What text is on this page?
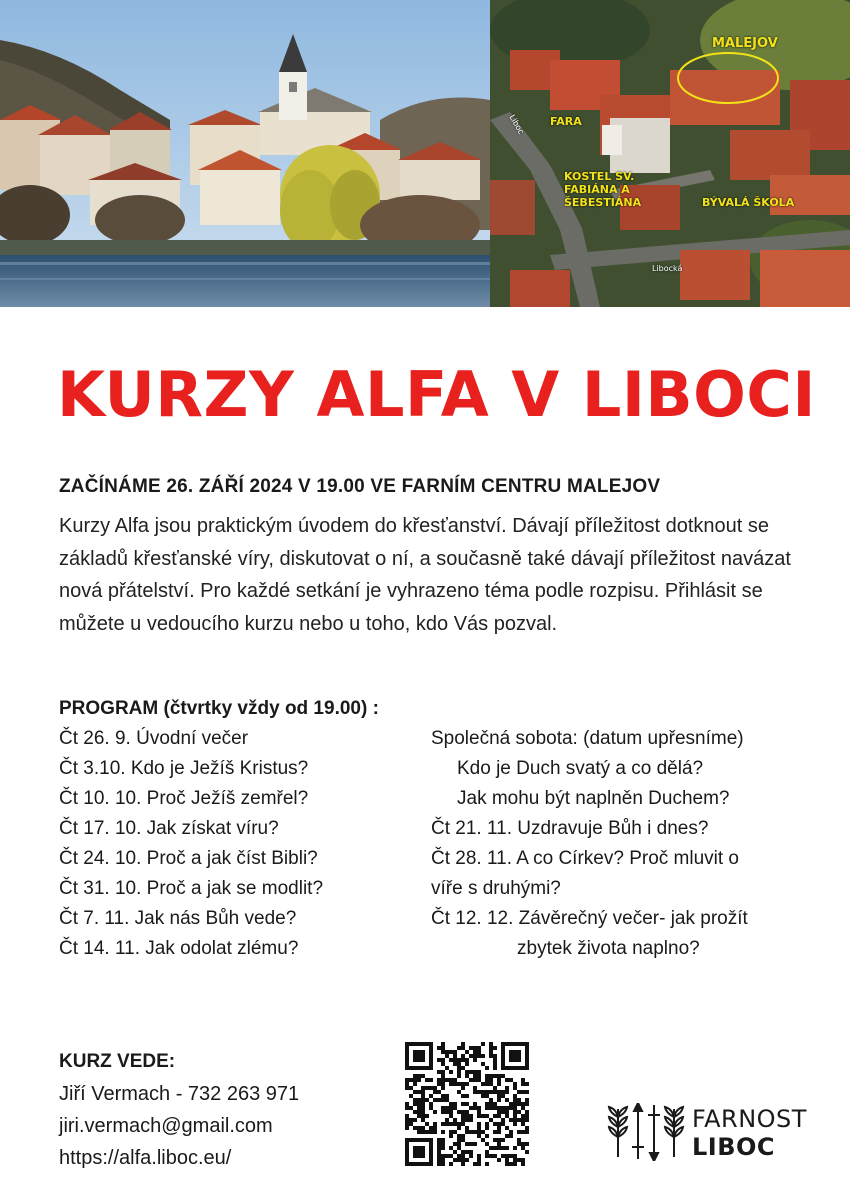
MALEJOV
FARA
KOSTEL SV.
FABIÁNA A
ŠEBESTIÁNA	BÝVALÁ ŠKOLA
Liboc
Libocká
KURZY ALFA V LIBOCI
ZAČÍNÁME 26. ZÁŘÍ 2024 V 19.00 VE FARNÍM CENTRU MALEJOV

Kurzy Alfa jsou praktickým úvodem do křesťanství. Dávají příležitost dotknout se základů křesťanské víry, diskutovat o ní, a současně také dávají příležitost navázat nová přátelství. Pro každé setkání je vyhrazeno téma podle rozpisu. Přihlásit se můžete u vedoucího kurzu nebo u toho, kdo Vás pozval.

PROGRAM (čtvrtky vždy od 19.00) :
Čt 26. 9. Úvodní večer
Čt 3.10. Kdo je Ježíš Kristus?
Čt 10. 10. Proč Ježíš zemřel?
Čt 17. 10. Jak získat víru?
Čt 24. 10. Proč a jak číst Bibli?
Čt 31. 10. Proč a jak se modlit?
Čt 7. 11. Jak nás Bůh vede?
Čt 14. 11. Jak odolat zlému?
Společná sobota: (datum upřesníme)
Kdo je Duch svatý a co dělá?
Jak mohu být naplněn Duchem?
Čt 21. 11. Uzdravuje Bůh i dnes?
Čt 28. 11. A co Církev? Proč mluvit o
víře s druhými?
Čt 12. 12. Závěrečný večer- jak prožít
zbytek života naplno?
KURZ VEDE:
Jiří Vermach - 732 263 971
jiri.vermach@gmail.com
https://alfa.liboc.eu/
FARNOST
LIBOC
